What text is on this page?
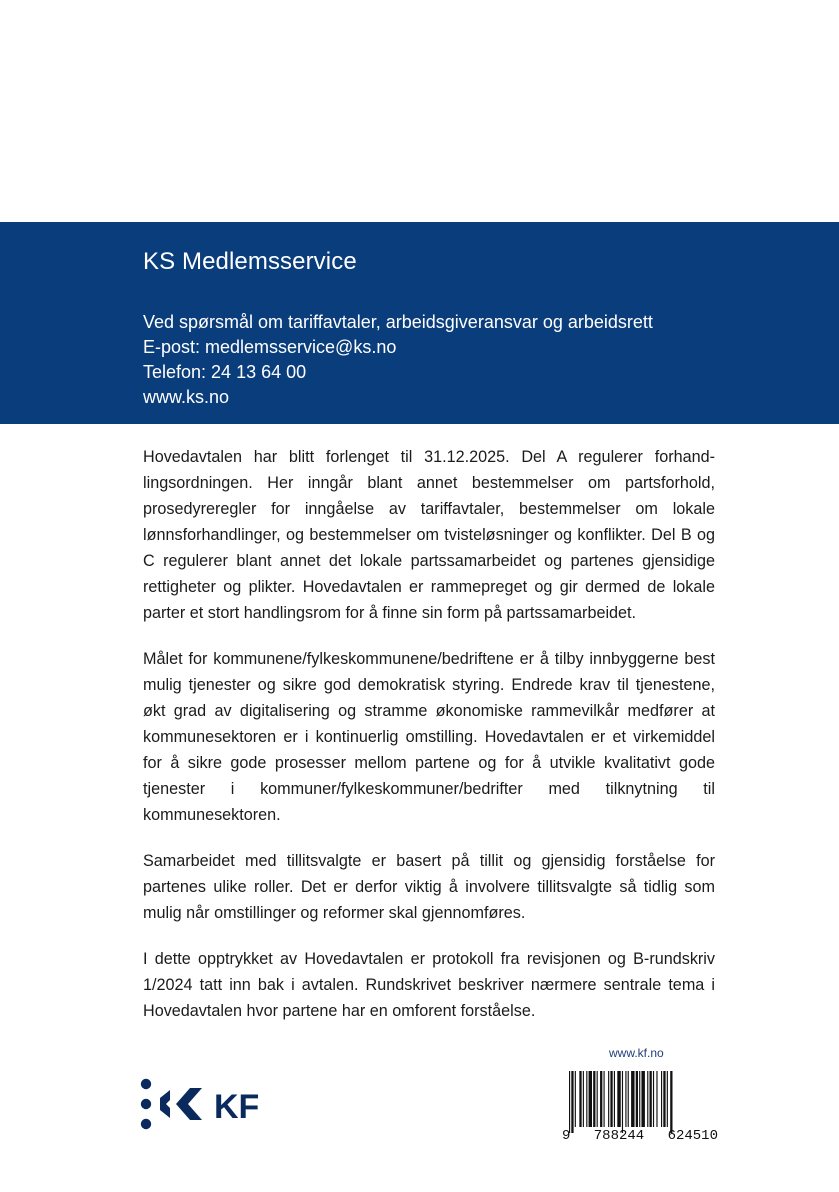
KS Medlemsservice
Ved spørsmål om tariffavtaler, arbeidsgiveransvar og arbeidsrett
E-post: medlemsservice@ks.no
Telefon: 24 13 64 00
www.ks.no

Hovedavtalen har blitt forlenget til 31.12.2025. Del A regulerer forhandlingsordningen. Her inngår blant annet bestemmelser om partsforhold, prosedyreregler for inngåelse av tariffavtaler, bestemmelser om lokale lønnsforhandlinger, og bestemmelser om tvisteløsninger og konflikter. Del B og C regulerer blant annet det lokale partssamarbeidet og partenes gjensidige rettigheter og plikter. Hovedavtalen er rammepreget og gir dermed de lokale parter et stort handlingsrom for å finne sin form på partssamarbeidet.

Målet for kommunene/fylkeskommunene/bedriftene er å tilby innbyggerne best mulig tjenester og sikre god demokratisk styring. Endrede krav til tjenestene, økt grad av digitalisering og stramme økonomiske rammevilkår medfører at kommunesektoren er i kontinuerlig omstilling. Hovedavtalen er et virkemiddel for å sikre gode prosesser mellom partene og for å utvikle kvalitativt gode tjenester i kommuner/fylkeskommuner/bedrifter med tilknytning til kommunesektoren.

Samarbeidet med tillitsvalgte er basert på tillit og gjensidig forståelse for partenes ulike roller. Det er derfor viktig å involvere tillitsvalgte så tidlig som mulig når omstillinger og reformer skal gjennomføres.

I dette opptrykket av Hovedavtalen er protokoll fra revisjonen og B-rundskriv 1/2024 tatt inn bak i avtalen. Rundskrivet beskriver nærmere sentrale tema i Hovedavtalen hvor partene har en omforent forståelse.

www.kf.no
KF
9 788244 624510
